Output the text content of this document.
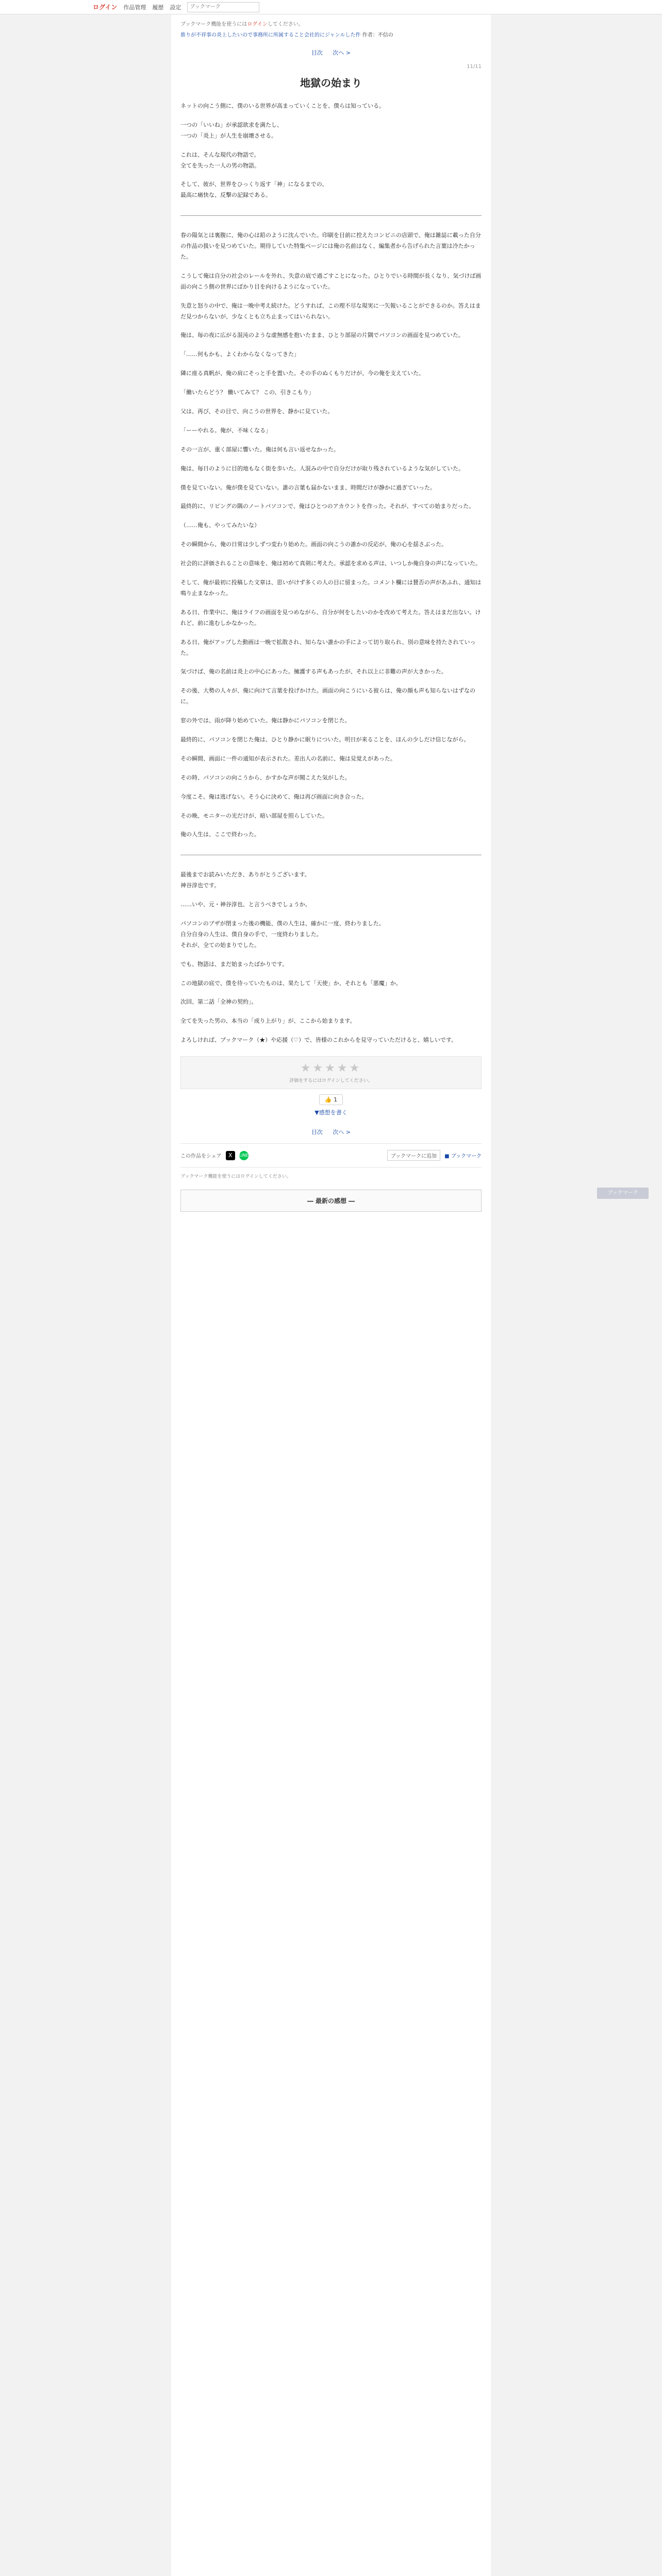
ログイン 作品管理 履歴 設定
ブックマーク
ブックマーク
ブックマーク機能を使うにはログインしてください。
推りが不祥事の炎上したいので事務所に所属すること会社的にジャンルした件 作者：不信の
目次 次へ >
11/11
地獄の始まり

ネットの向こう側に、僕のいる世界が高まっていくことを、僕らは知っている。

一つの「いいね」が承認欲求を満たし、
一つの「炎上」が人生を崩壊させる。

これは、そんな現代の物語で。
全てを失った一人の男の物語。

そして、彼が、世界をひっくり返す「神」になるまでの、
最高に痛快な、反撃の記録である。

春の陽気とは裏腹に、俺の心は鉛のように沈んでいた。印刷を目前に控えたコンビニの店頭で、俺は雑誌に載った自分の作品の扱いを見つめていた。期待していた特集ページには俺の名前はなく、編集者から告げられた言葉は冷たかった。

こうして俺は自分の社会のレールを外れ、失意の底で過ごすことになった。ひとりでいる時間が長くなり、気づけば画面の向こう側の世界にばかり目を向けるようになっていた。

失意と怒りの中で、俺は一晩中考え続けた。どうすれば、この理不尽な現実に一矢報いることができるのか。答えはまだ見つからないが、少なくとも立ち止まってはいられない。

俺は、毎の夜に広がる混沌のような虚無感を抱いたまま、ひとり部屋の片隅でパソコンの画面を見つめていた。

「……何もかも、よくわからなくなってきた」

隣に座る真帆が、俺の肩にそっと手を置いた。その手のぬくもりだけが、今の俺を支えていた。

「働いたらどう？ 働いてみて？ この、引きこもり」

父は、再び、その目で、向こうの世界を、静かに見ていた。

「ーーやれる。俺が、不味くなる」

その一言が、重く部屋に響いた。俺は何も言い返せなかった。

俺は、毎日のように目的地もなく街を歩いた。人混みの中で自分だけが取り残されているような気がしていた。

僕を見ていない。俺が僕を見ていない。誰の言葉も届かないまま、時間だけが静かに過ぎていった。

最終的に、リビングの隅のノートパソコンで、俺はひとつのアカウントを作った。それが、すべての始まりだった。

（……俺も、やってみたいな）

その瞬間から、俺の日常は少しずつ変わり始めた。画面の向こうの誰かの反応が、俺の心を揺さぶった。

社会的に評価されることの意味を、俺は初めて真剣に考えた。承認を求める声は、いつしか俺自身の声になっていた。

そして、俺が最初に投稿した文章は、思いがけず多くの人の目に留まった。コメント欄には賛否の声があふれ、通知は鳴り止まなかった。

ある日、作業中に、俺はライフの画面を見つめながら、自分が何をしたいのかを改めて考えた。答えはまだ出ない。けれど、前に進むしかなかった。

ある日、俺がアップした動画は一晩で拡散され、知らない誰かの手によって切り取られ、別の意味を持たされていった。

気づけば、俺の名前は炎上の中心にあった。擁護する声もあったが、それ以上に非難の声が大きかった。

その後、大勢の人々が、俺に向けて言葉を投げかけた。画面の向こうにいる彼らは、俺の顔も声も知らないはずなのに。

窓の外では、雨が降り始めていた。俺は静かにパソコンを閉じた。

最終的に、パソコンを閉じた俺は、ひとり静かに眠りについた。明日が来ることを、ほんの少しだけ信じながら。

その瞬間、画面に一件の通知が表示された。差出人の名前に、俺は見覚えがあった。

その時、パソコンの向こうから、かすかな声が聞こえた気がした。

今度こそ、俺は逃げない。そう心に決めて、俺は再び画面に向き合った。

その晩、モニターの光だけが、暗い部屋を照らしていた。

俺の人生は、ここで終わった。

最後までお読みいただき、ありがとうございます。
神谷淳也です。

……いや、元・神谷淳也、と言うべきでしょうか。

パソコンのブザが閉まった後の機能、僕の人生は、確かに一度、終わりました。
自分自身の人生は、僕自身の手で、一度終わりました。
それが、全ての始まりでした。

でも、物語は、まだ始まったばかりです。

この地獄の底で、僕を待っていたものは、果たして「天使」か、それとも「悪魔」か。

次回、第二話「全神の契約」。

全てを失った男の、本当の「成り上がり」が、ここから始まります。

よろしければ、ブックマーク（★）や応援（♡）で、皆様のこれからを見守っていただけると、嬉しいです。

★★★★★
評価をするにはログインしてください。
👍 1
▼感想を書く
目次 次へ >
この作品をシェア	X	LINE	ブックマークに追加	■ ブックマーク
ブックマーク機能を使うにはログインしてください。
― 最新の感想 ―
